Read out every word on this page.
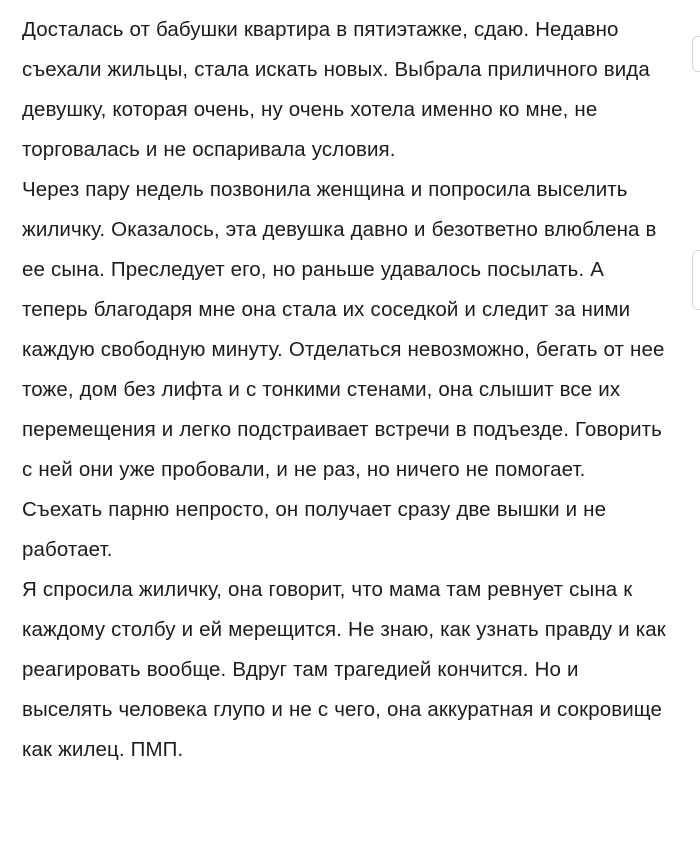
Досталась от бабушки квартира в пятиэтажке, сдаю. Недавно съехали жильцы, стала искать новых. Выбрала приличного вида девушку, которая очень, ну очень хотела именно ко мне, не торговалась и не оспаривала условия.

Через пару недель позвонила женщина и попросила выселить жиличку. Оказалось, эта девушка давно и безответно влюблена в ее сына. Преследует его, но раньше удавалось посылать. А теперь благодаря мне она стала их соседкой и следит за ними каждую свободную минуту. Отделаться невозможно, бегать от нее тоже, дом без лифта и с тонкими стенами, она слышит все их перемещения и легко подстраивает встречи в подъезде. Говорить с ней они уже пробовали, и не раз, но ничего не помогает. Съехать парню непросто, он получает сразу две вышки и не работает.

Я спросила жиличку, она говорит, что мама там ревнует сына к каждому столбу и ей мерещится. Не знаю, как узнать правду и как реагировать вообще. Вдруг там трагедией кончится. Но и выселять человека глупо и не с чего, она аккуратная и сокровище как жилец. ПМП.
